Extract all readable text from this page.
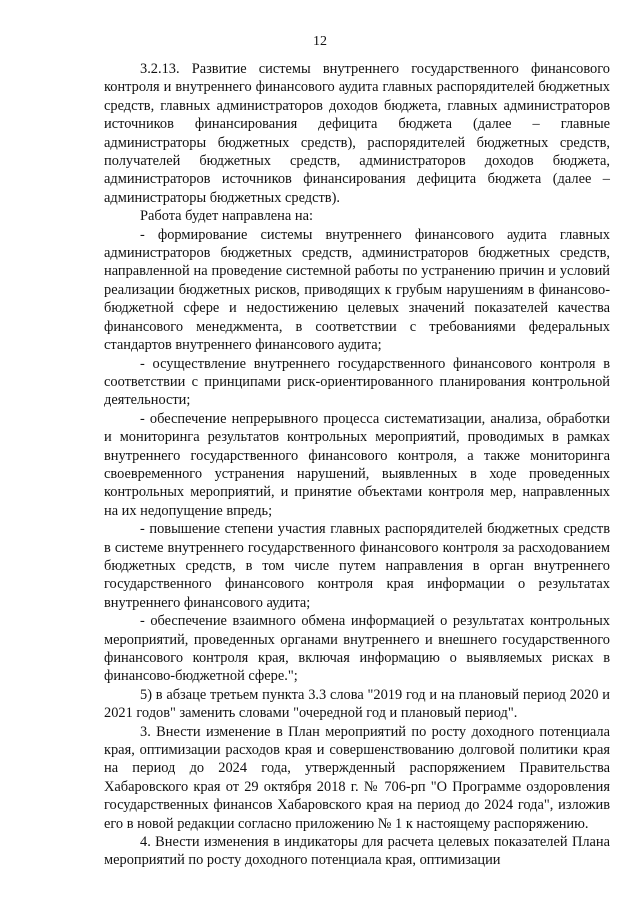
12

3.2.13. Развитие системы внутреннего государственного финансового контроля и внутреннего финансового аудита главных распорядителей бюджетных средств, главных администраторов доходов бюджета, главных администраторов источников финансирования дефицита бюджета (далее – главные администраторы бюджетных средств), распорядителей бюджетных средств, получателей бюджетных средств, администраторов доходов бюджета, администраторов источников финансирования дефицита бюджета (далее – администраторы бюджетных средств).

Работа будет направлена на:

- формирование системы внутреннего финансового аудита главных администраторов бюджетных средств, администраторов бюджетных средств, направленной на проведение системной работы по устранению причин и условий реализации бюджетных рисков, приводящих к грубым нарушениям в финансово-бюджетной сфере и недостижению целевых значений показателей качества финансового менеджмента, в соответствии с требованиями федеральных стандартов внутреннего финансового аудита;

- осуществление внутреннего государственного финансового контроля в соответствии с принципами риск-ориентированного планирования контрольной деятельности;

- обеспечение непрерывного процесса систематизации, анализа, обработки и мониторинга результатов контрольных мероприятий, проводимых в рамках внутреннего государственного финансового контроля, а также мониторинга своевременного устранения нарушений, выявленных в ходе проведенных контрольных мероприятий, и принятие объектами контроля мер, направленных на их недопущение впредь;

- повышение степени участия главных распорядителей бюджетных средств в системе внутреннего государственного финансового контроля за расходованием бюджетных средств, в том числе путем направления в орган внутреннего государственного финансового контроля края информации о результатах внутреннего финансового аудита;

- обеспечение взаимного обмена информацией о результатах контрольных мероприятий, проведенных органами внутреннего и внешнего государственного финансового контроля края, включая информацию о выявляемых рисках в финансово-бюджетной сфере.";

5) в абзаце третьем пункта 3.3 слова "2019 год и на плановый период 2020 и 2021 годов" заменить словами "очередной год и плановый период".

3. Внести изменение в План мероприятий по росту доходного потенциала края, оптимизации расходов края и совершенствованию долговой политики края на период до 2024 года, утвержденный распоряжением Правительства Хабаровского края от 29 октября 2018 г. № 706-рп "О Программе оздоровления государственных финансов Хабаровского края на период до 2024 года", изложив его в новой редакции согласно приложению № 1 к настоящему распоряжению.

4. Внести изменения в индикаторы для расчета целевых показателей Плана мероприятий по росту доходного потенциала края, оптимизации
